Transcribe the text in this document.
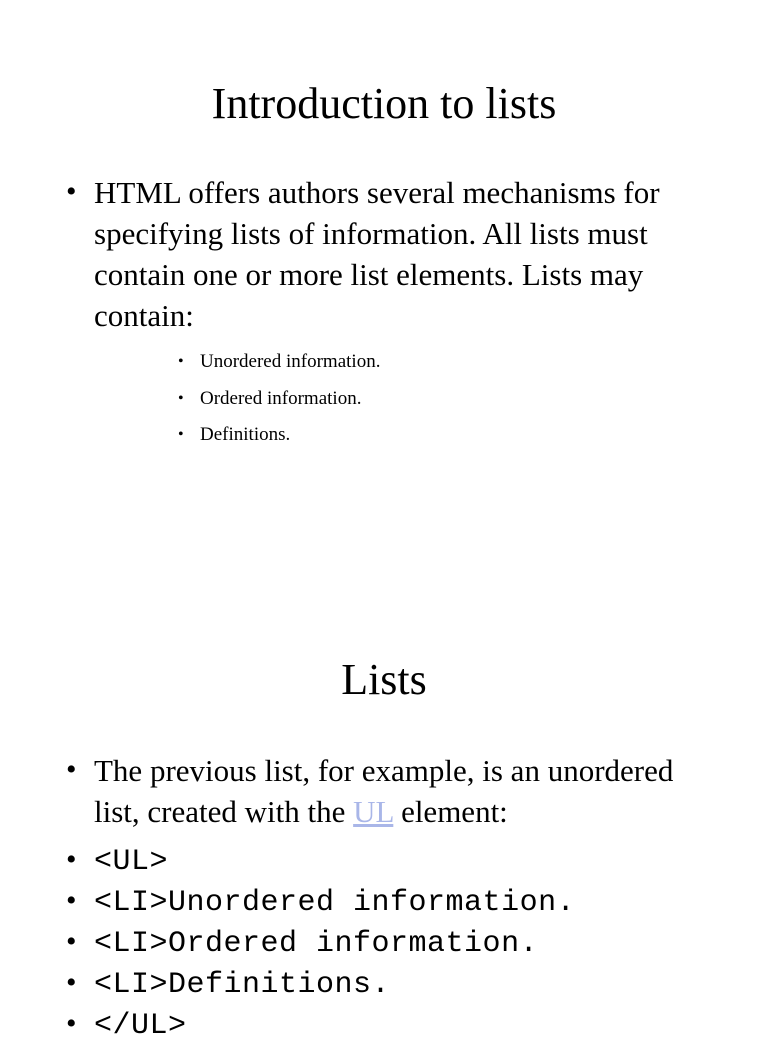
Introduction to lists
• HTML offers authors several mechanisms for specifying lists of information. All lists must contain one or more list elements. Lists may contain:
• Unordered information.
• Ordered information.
• Definitions.
Lists
• The previous list, for example, is an unordered list, created with the UL element:
• <UL>
• <LI>Unordered information.
• <LI>Ordered information.
• <LI>Definitions.
• </UL>
